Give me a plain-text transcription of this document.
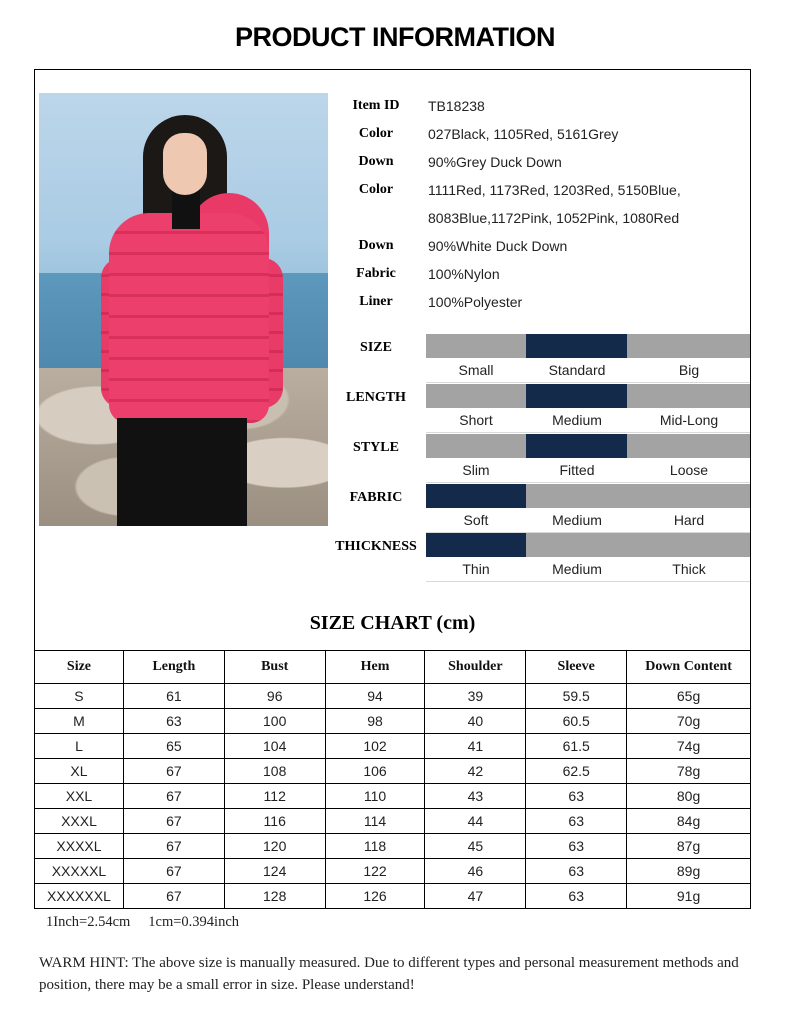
PRODUCT INFORMATION
Item ID	TB18238
Color	027Black, 1105Red, 5161Grey
Down	90%Grey Duck Down
Color	1111Red, 1173Red, 1203Red, 5150Blue,
8083Blue,1172Pink, 1052Pink, 1080Red
Down	90%White Duck Down
Fabric	100%Nylon
Liner	100%Polyester
SIZE
Small	Standard	Big
LENGTH
Short	Medium	Mid-Long
STYLE
Slim	Fitted	Loose
FABRIC
Soft	Medium	Hard
THICKNESS
Thin	Medium	Thick
SIZE CHART (cm)
Size	Length	Bust	Hem	Shoulder	Sleeve	Down Content
S	61	96	94	39	59.5	65g
M	63	100	98	40	60.5	70g
L	65	104	102	41	61.5	74g
XL	67	108	106	42	62.5	78g
XXL	67	112	110	43	63	80g
XXXL	67	116	114	44	63	84g
XXXXL	67	120	118	45	63	87g
XXXXXL	67	124	122	46	63	89g
XXXXXXL	67	128	126	47	63	91g
1Inch=2.54cm 1cm=0.394inch
WARM HINT: The above size is manually measured. Due to different types and personal measurement methods and position, there may be a small error in size. Please understand!
